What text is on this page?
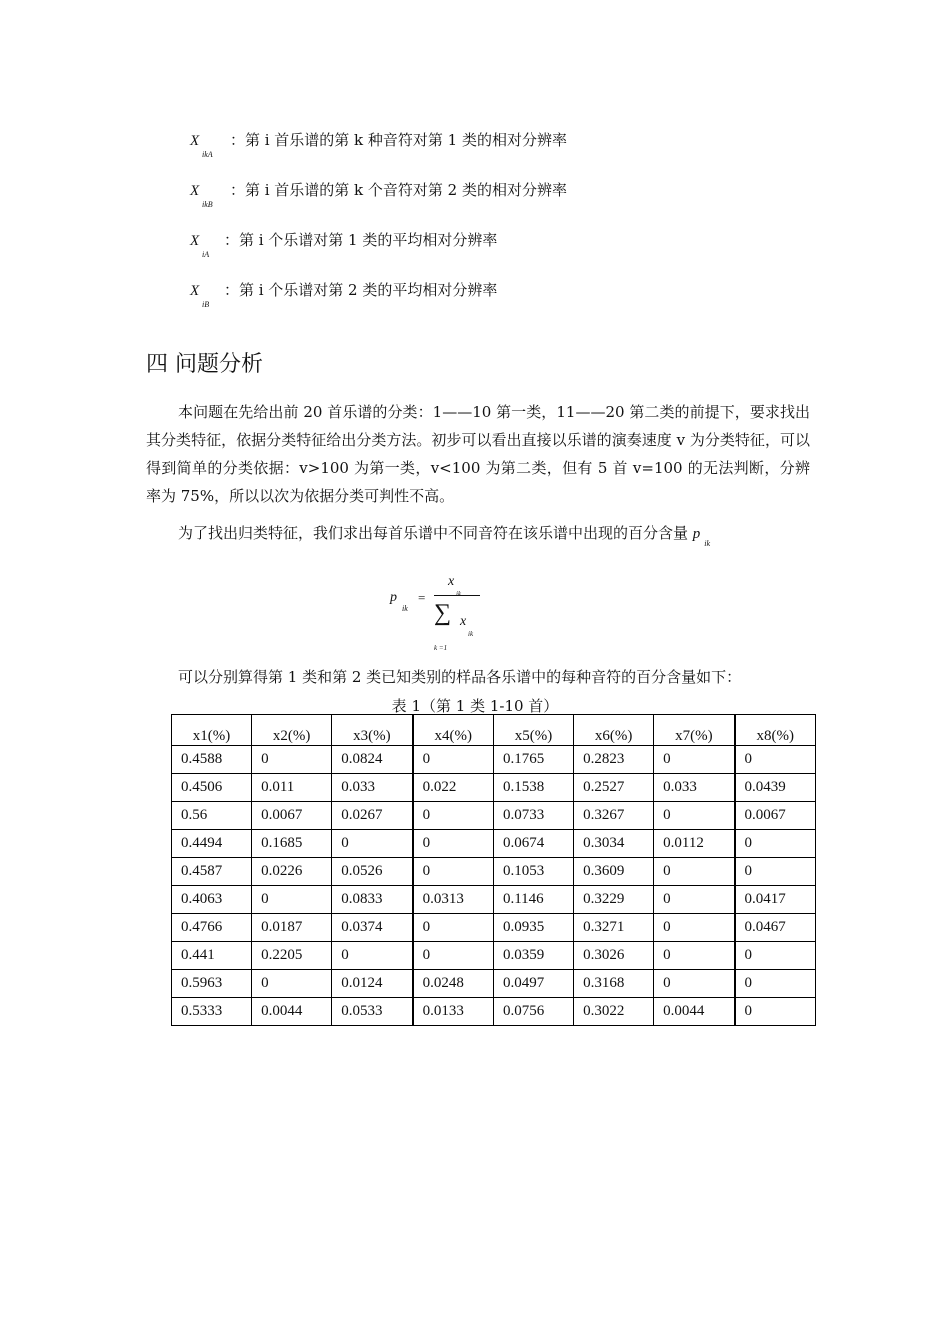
X
ikA
：第 i 首乐谱的第 k 种音符对第 1 类的相对分辨率
X
ikB
：第 i 首乐谱的第 k 个音符对第 2 类的相对分辨率
X
iA
：第 i 个乐谱对第 1 类的平均相对分辨率
X
iB
：第 i 个乐谱对第 2 类的平均相对分辨率
四 问题分析
本问题在先给出前 20 首乐谱的分类：1——10 第一类，11——20 第二类的前提下，要求找出其分类特征，依据分类特征给出分类方法。初步可以看出直接以乐谱的演奏速度 v 为分类特征，可以得到简单的分类依据：v>100 为第一类，v<100 为第二类，但有 5 首 v=100 的无法判断，分辨率为 75%，所以以次为依据分类可判性不高。
为了找出归类特征，我们求出每首乐谱中不同音符在该乐谱中出现的百分含量 $p_{ik}$
p
ik
=
x
ik
∑ x
ik
k =1
可以分别算得第 1 类和第 2 类已知类别的样品各乐谱中的每种音符的百分含量如下：
表 1（第 1 类 1-10 首）
x1(%)	x2(%)	x3(%)	x4(%)	x5(%)	x6(%)	x7(%)	x8(%)
0.4588	0	0.0824	0	0.1765	0.2823	0	0
0.4506	0.011	0.033	0.022	0.1538	0.2527	0.033	0.0439
0.56	0.0067	0.0267	0	0.0733	0.3267	0	0.0067
0.4494	0.1685	0	0	0.0674	0.3034	0.0112	0
0.4587	0.0226	0.0526	0	0.1053	0.3609	0	0
0.4063	0	0.0833	0.0313	0.1146	0.3229	0	0.0417
0.4766	0.0187	0.0374	0	0.0935	0.3271	0	0.0467
0.441	0.2205	0	0	0.0359	0.3026	0	0
0.5963	0	0.0124	0.0248	0.0497	0.3168	0	0
0.5333	0.0044	0.0533	0.0133	0.0756	0.3022	0.0044	0
